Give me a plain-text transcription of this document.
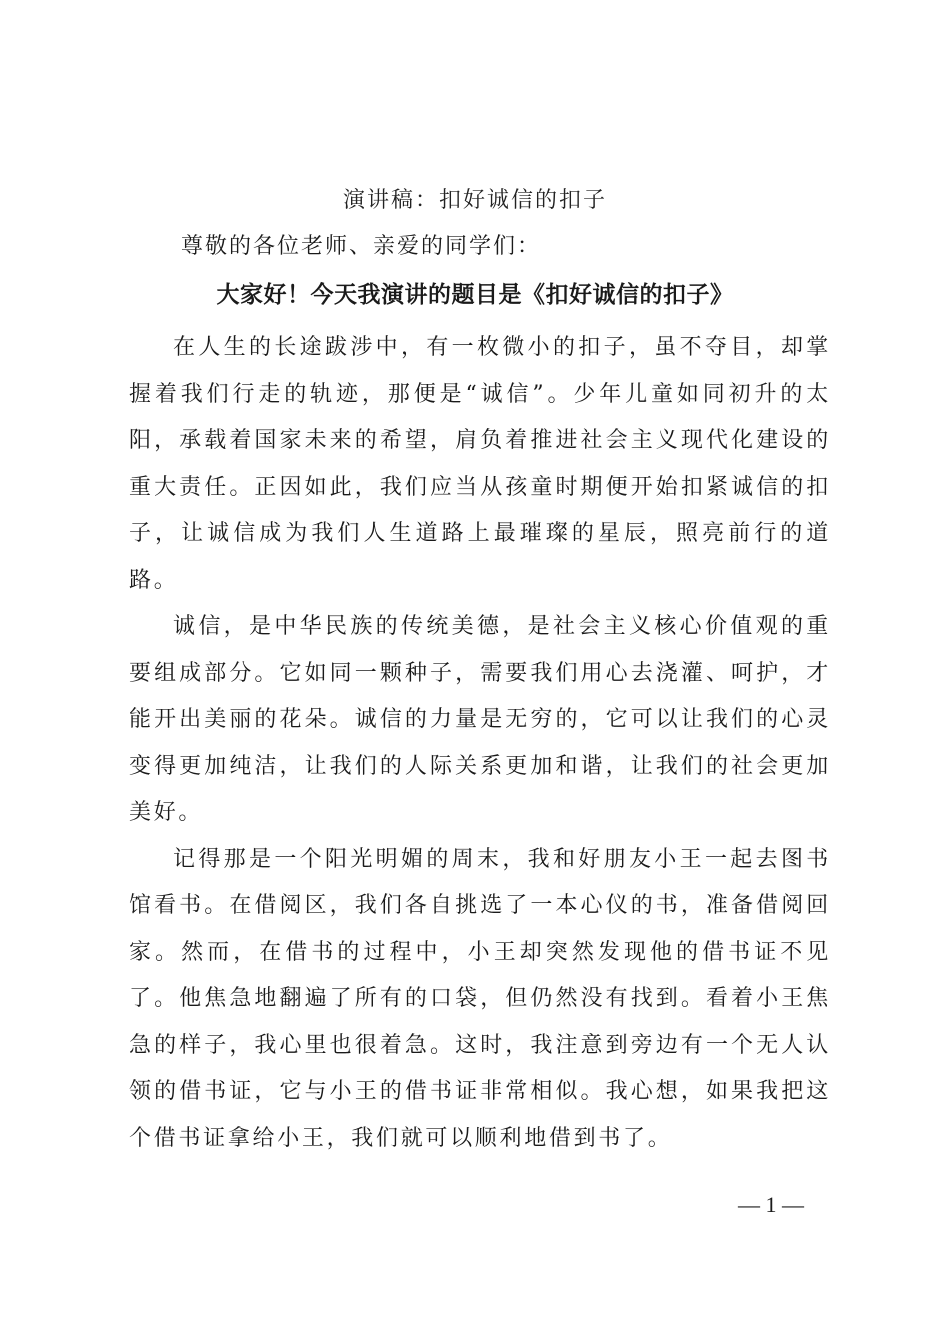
演讲稿：扣好诚信的扣子
尊敬的各位老师、亲爱的同学们：
大家好！今天我演讲的题目是《扣好诚信的扣子》

在人生的长途跋涉中，有一枚微小的扣子，虽不夺目，却掌握着我们行走的轨迹，那便是“诚信”。少年儿童如同初升的太阳，承载着国家未来的希望，肩负着推进社会主义现代化建设的重大责任。正因如此，我们应当从孩童时期便开始扣紧诚信的扣子，让诚信成为我们人生道路上最璀璨的星辰，照亮前行的道路。

诚信，是中华民族的传统美德，是社会主义核心价值观的重要组成部分。它如同一颗种子，需要我们用心去浇灌、呵护，才能开出美丽的花朵。诚信的力量是无穷的，它可以让我们的心灵变得更加纯洁，让我们的人际关系更加和谐，让我们的社会更加美好。

记得那是一个阳光明媚的周末，我和好朋友小王一起去图书馆看书。在借阅区，我们各自挑选了一本心仪的书，准备借阅回家。然而，在借书的过程中，小王却突然发现他的借书证不见了。他焦急地翻遍了所有的口袋，但仍然没有找到。看着小王焦急的样子，我心里也很着急。这时，我注意到旁边有一个无人认领的借书证，它与小王的借书证非常相似。我心想，如果我把这个借书证拿给小王，我们就可以顺利地借到书了。

— 1 —
